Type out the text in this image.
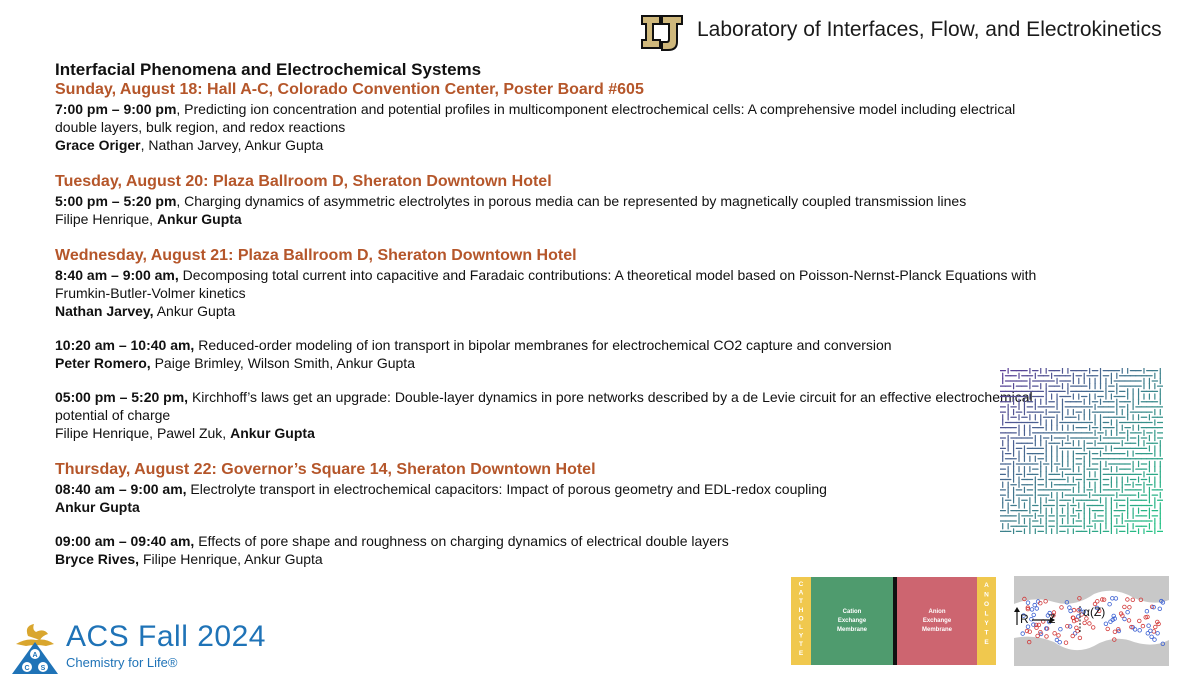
Laboratory of Interfaces, Flow, and Electrokinetics
Interfacial Phenomena and Electrochemical Systems
Sunday, August 18: Hall A-C, Colorado Convention Center, Poster Board #605
7:00 pm – 9:00 pm, Predicting ion concentration and potential profiles in multicomponent electrochemical cells: A comprehensive model including electrical double layers, bulk region, and redox reactions
Grace Origer, Nathan Jarvey, Ankur Gupta
Tuesday, August 20: Plaza Ballroom D, Sheraton Downtown Hotel
5:00 pm – 5:20 pm, Charging dynamics of asymmetric electrolytes in porous media can be represented by magnetically coupled transmission lines
Filipe Henrique, Ankur Gupta
Wednesday, August 21: Plaza Ballroom D, Sheraton Downtown Hotel
8:40 am – 9:00 am, Decomposing total current into capacitive and Faradaic contributions: A theoretical model based on Poisson-Nernst-Planck Equations with Frumkin-Butler-Volmer kinetics
Nathan Jarvey, Ankur Gupta
10:20 am – 10:40 am, Reduced-order modeling of ion transport in bipolar membranes for electrochemical CO2 capture and conversion
Peter Romero, Paige Brimley, Wilson Smith, Ankur Gupta
05:00 pm – 5:20 pm, Kirchhoff’s laws get an upgrade: Double-layer dynamics in pore networks described by a de Levie circuit for an effective electrochemical potential of charge
Filipe Henrique, Pawel Zuk, Ankur Gupta
Thursday, August 22: Governor’s Square 14, Sheraton Downtown Hotel
08:40 am – 9:00 am, Electrolyte transport in electrochemical capacitors: Impact of porous geometry and EDL-redox coupling
Ankur Gupta
09:00 am – 09:40 am, Effects of pore shape and roughness on charging dynamics of electrical double layers
Bryce Rives, Filipe Henrique, Ankur Gupta
C A T H O L Y T E
Cation
Exchange
Membrane
Anion
Exchange
Membrane
A N O L Y T E
R Z α(Z)
A
C S
ACS Fall 2024
Chemistry for Life®
